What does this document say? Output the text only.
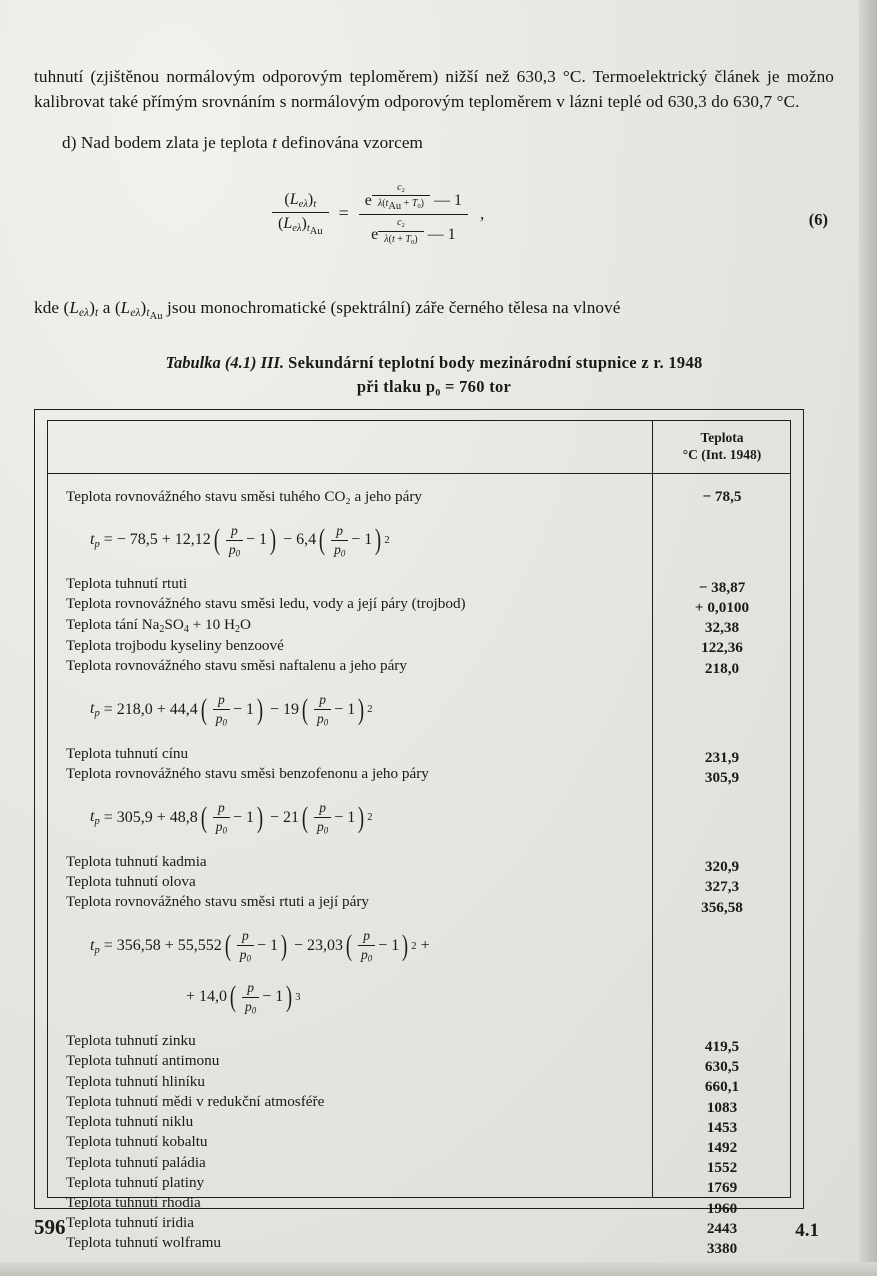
tuhnutí (zjištěnou normálovým odporovým teploměrem) nižší než 630,3 °C. Termoelektrický článek je možno kalibrovat také přímým srovnáním s normálovým odporovým teploměrem v lázni teplé od 630,3 do 630,7 °C.

d) Nad bodem zlata je teplota t definována vzorcem

$\frac{(L_{e\lambda})_t}{(L_{e\lambda})_{t_{Au}}} = e$ $^{\frac{c_2}{\lambda(t_{Au} + T_0)}}$ — 1
e $^{\frac{c_2}{\lambda(t + T_0)}}$ — 1 ,	(6)

kde $(L_{e\lambda})_t$ a $(L_{e\lambda})_{t_{Au}}$ jsou monochromatické (spektrální) záře černého tělesa na vlnové

Tabulka (4.1) III. Sekundární teplotní body mezinárodní stupnice z r. 1948
při tlaku p₀ = 760 tor
Teplota
°C (Int. 1948)
Teplota rovnovážného stavu směsi tuhého CO₂ a jeho páry
$t_p$ = − 78,5 + 12,12 ( p
$p_0$
− 1 ) − 6,4 ( p
$p_0$
− 1 ) 2
Teplota tuhnutí rtuti
Teplota rovnovážného stavu směsi ledu, vody a její páry (trojbod)
Teplota tání $Na_2SO_4 + 10$ $H_2O$
Teplota trojbodu kyseliny benzoové
Teplota rovnovážného stavu směsi naftalenu a jeho páry
$t_p = 218,0 + 44,4$ ( p
$p_0$
− 1 ) − 19 ( p
$p_0$
− 1 ) 2
Teplota tuhnutí cínu
Teplota rovnovážného stavu směsi benzofenonu a jeho páry
$t_p = 305,9 + 48,8$ ( p
$p_0$
− 1 ) − 21 ( p
$p_0$
− 1 ) 2
Teplota tuhnutí kadmia
Teplota tuhnutí olova
Teplota rovnovážného stavu směsi rtuti a její páry
$t_p = 356,58 + 55,552$ ( p
$p_0$
− 1 ) − 23,03 ( p
$p_0$
− 1 ) 2 +
+ 14,0 ( p
$p_0$
− 1 ) 3
Teplota tuhnutí zinku
Teplota tuhnutí antimonu
Teplota tuhnutí hliníku
Teplota tuhnutí mědi v redukční atmosféře
Teplota tuhnutí niklu
Teplota tuhnutí kobaltu
Teplota tuhnutí paládia
Teplota tuhnutí platiny
Teplota tuhnutí rhodia
Teplota tuhnutí iridia
Teplota tuhnutí wolframu
− 78,5
− 38,87
+ 0,0100
32,38
122,36
218,0
231,9
305,9
320,9
327,3
356,58
419,5
630,5
660,1
1083
1453
1492
1552
1769
1960
2443
3380
596	4.1
